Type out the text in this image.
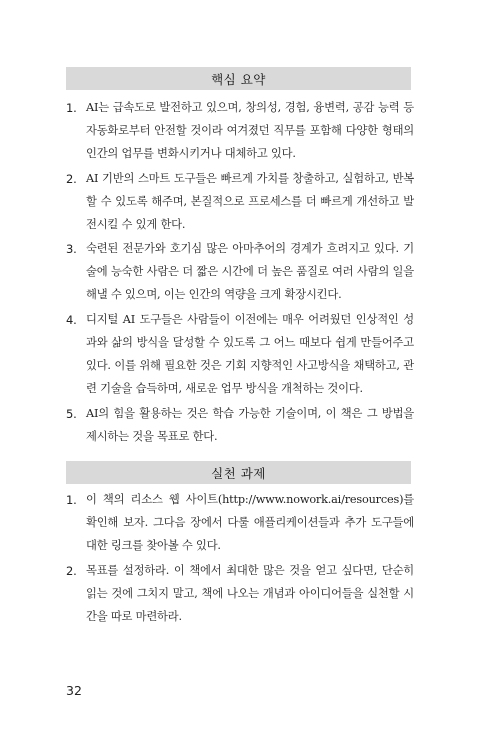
핵심 요약
1. AI는 급속도로 발전하고 있으며, 창의성, 경험, 융변력, 공감 능력 등 자동화로부터 안전할 것이라 여겨졌던 직무를 포함해 다양한 형태의 인간의 업무를 변화시키거나 대체하고 있다.
2. AI 기반의 스마트 도구들은 빠르게 가치를 창출하고, 실험하고, 반복할 수 있도록 해주며, 본질적으로 프로세스를 더 빠르게 개선하고 발전시킬 수 있게 한다.
3. 숙련된 전문가와 호기심 많은 아마추어의 경계가 흐려지고 있다. 기술에 능숙한 사람은 더 짧은 시간에 더 높은 품질로 여러 사람의 일을 해낼 수 있으며, 이는 인간의 역량을 크게 확장시킨다.
4. 디지털 AI 도구들은 사람들이 이전에는 매우 어려웠던 인상적인 성과와 삶의 방식을 달성할 수 있도록 그 어느 때보다 쉽게 만들어주고 있다. 이를 위해 필요한 것은 기회 지향적인 사고방식을 채택하고, 관련 기술을 습득하며, 새로운 업무 방식을 개척하는 것이다.
5. AI의 힘을 활용하는 것은 학습 가능한 기술이며, 이 책은 그 방법을 제시하는 것을 목표로 한다.
실천 과제
1. 이 책의 리소스 웹 사이트(http://www.nowork.ai/resources)를 확인해 보자. 그다음 장에서 다룰 애플리케이션들과 추가 도구들에 대한 링크를 찾아볼 수 있다.
2. 목표를 설정하라. 이 책에서 최대한 많은 것을 얻고 싶다면, 단순히 읽는 것에 그치지 말고, 책에 나오는 개념과 아이디어들을 실천할 시간을 따로 마련하라.
32
